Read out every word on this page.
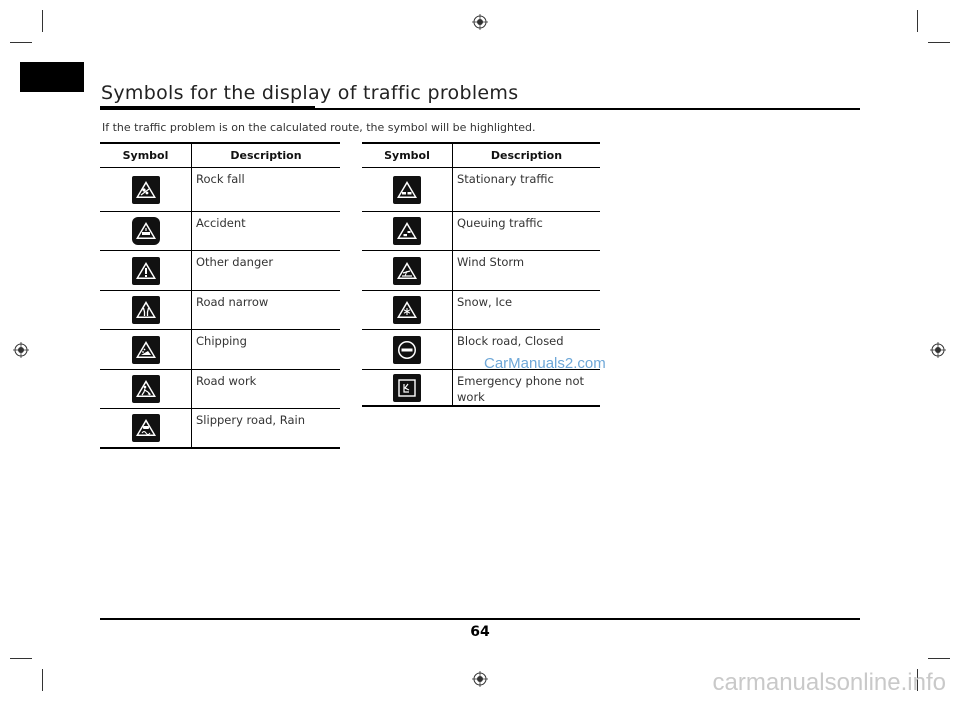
Symbols for the display of traffic problems
If the traffic problem is on the calculated route, the symbol will be highlighted.
Symbol	Description

	Rock fall

	Accident

	Other danger

	Road narrow

	Chipping

	Road work

	Slippery road, Rain
Symbol	Description

	Stationary traffic

	Queuing traffic

	Wind Storm

	Snow, Ice

	Block road, Closed

	Emergency phone not work
CarManuals2.com
64
carmanualsonline.info
